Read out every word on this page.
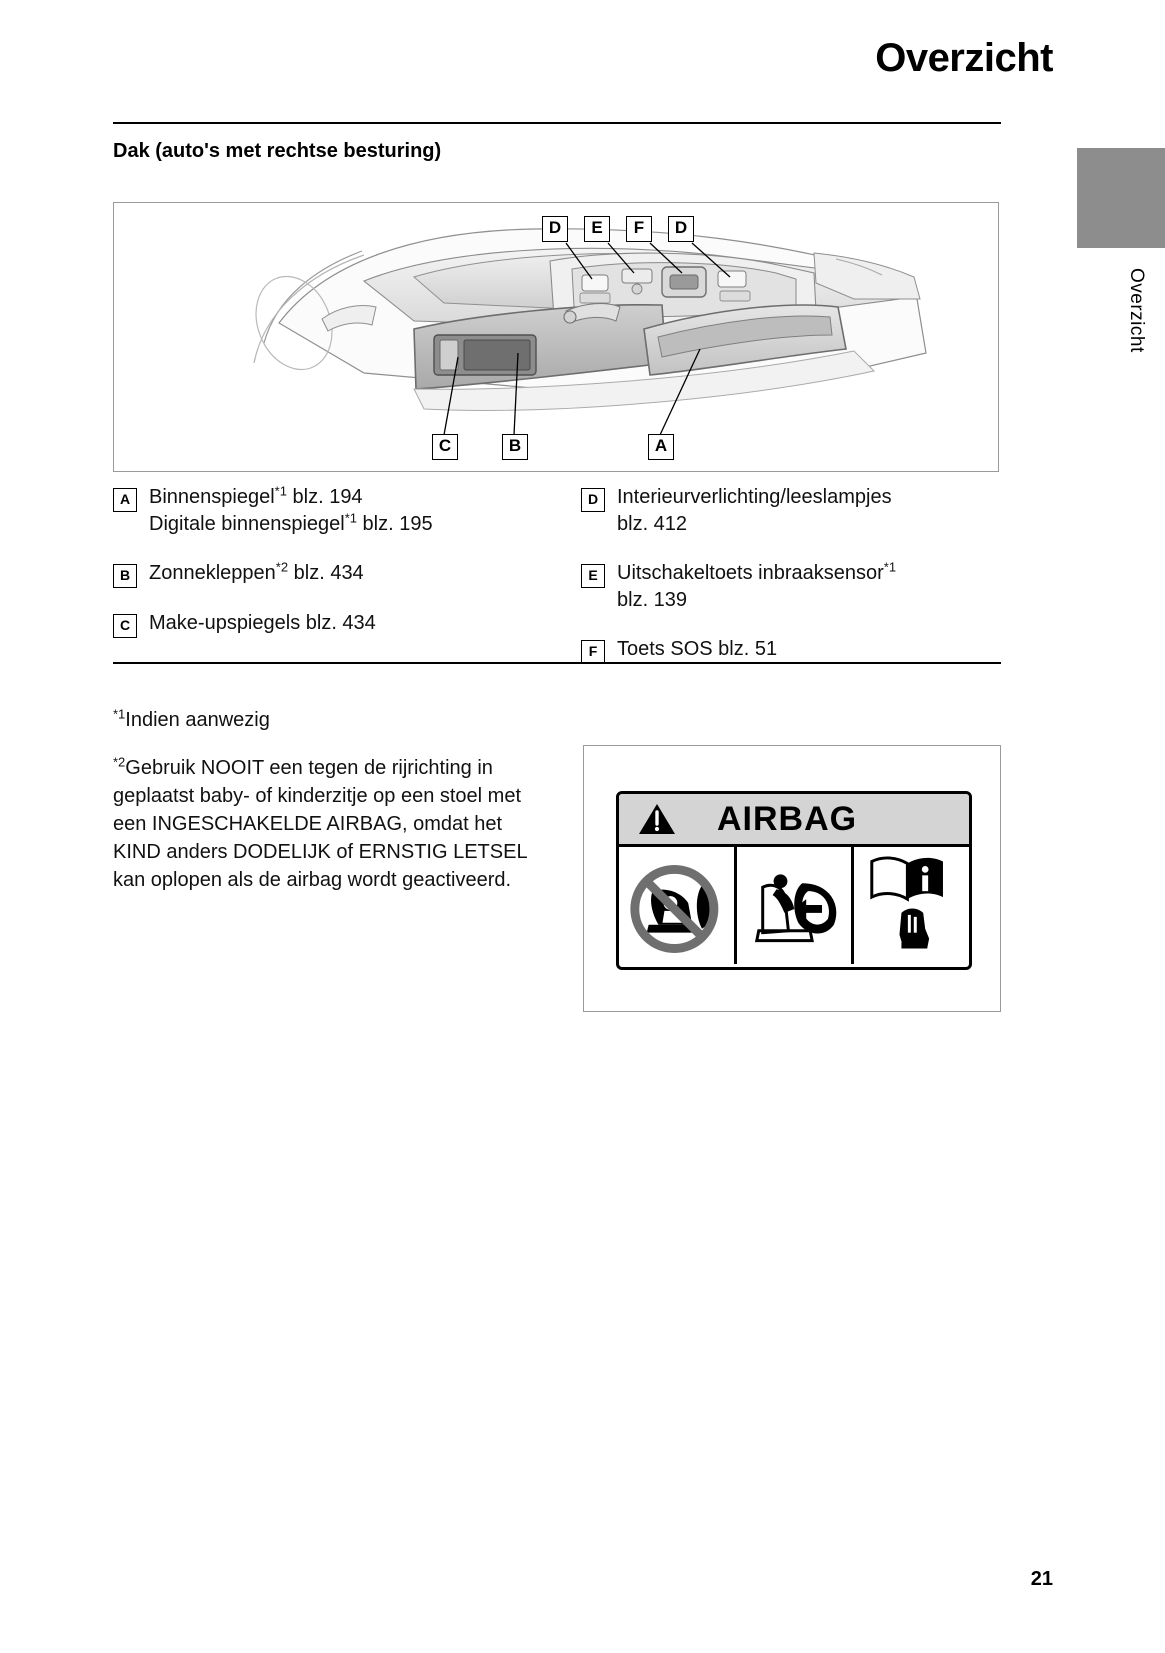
Overzicht
Overzicht
Dak (auto's met rechtse besturing)
D	E	F	D
C	B	A
A Binnenspiegel$^{*1}$ blz. 194
Digitale binnenspiegel$^{*1}$ blz. 195
B Zonnekleppen$^{*2}$ blz. 434
C Make-upspiegels blz. 434
D Interieurverlichting/leeslampjes
blz. 412
E Uitschakeltoets inbraaksensor$^{*1}$
blz. 139
F Toets SOS blz. 51
$^{*1}$Indien aanwezig
$^{*2}$Gebruik NOOIT een tegen de rijrichting in geplaatst baby- of kinderzitje op een stoel met een INGESCHAKELDE AIRBAG, omdat het KIND anders DODELIJK of ERNSTIG LETSEL kan oplopen als de airbag wordt geactiveerd.
AIRBAG
21
